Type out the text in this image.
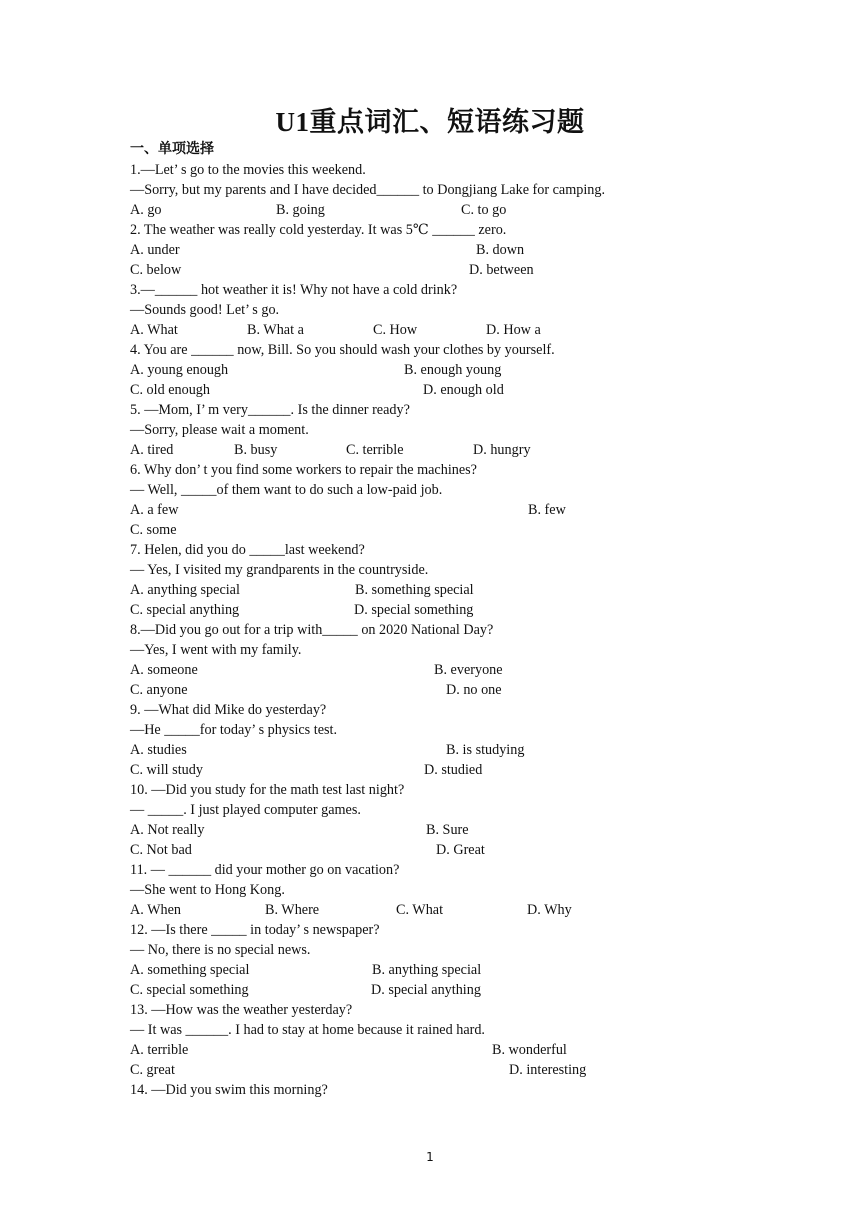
U1重点词汇、短语练习题
一、单项选择
1.—Let’ s go to the movies this weekend.
—Sorry, but my parents and I have decided______ to Dongjiang Lake for camping.
A. go	B. going	C. to go
2. The weather was really cold yesterday. It was 5℃ ______ zero.
A. under	B. down
C. below	D. between
3.—______ hot weather it is! Why not have a cold drink?
—Sounds good! Let’ s go.
A. What	B. What a	C. How	D. How a
4. You are ______ now, Bill. So you should wash your clothes by yourself.
A. young enough	B. enough young
C. old enough	D. enough old
5. —Mom, I’ m very______. Is the dinner ready?
—Sorry, please wait a moment.
A. tired	B. busy	C. terrible	D. hungry
6. Why don’ t you find some workers to repair the machines?
— Well, _____of them want to do such a low-paid job.
A. a few	B. few
C. some
7. Helen, did you do _____last weekend?
— Yes, I visited my grandparents in the countryside.
A. anything special	B. something special
C. special anything	D. special something
8.—Did you go out for a trip with_____ on 2020 National Day?
—Yes, I went with my family.
A. someone	B. everyone
C. anyone	D. no one
9. —What did Mike do yesterday?
—He _____for today’ s physics test.
A. studies	B. is studying
C. will study	D. studied
10. —Did you study for the math test last night?
— _____. I just played computer games.
A. Not really	B. Sure
C. Not bad	D. Great
11. — ______ did your mother go on vacation?
—She went to Hong Kong.
A. When	B. Where	C. What	D. Why
12. —Is there _____ in today’ s newspaper?
— No, there is no special news.
A. something special	B. anything special
C. special something	D. special anything
13. —How was the weather yesterday?
— It was ______. I had to stay at home because it rained hard.
A. terrible	B. wonderful
C. great	D. interesting
14. —Did you swim this morning?
1
